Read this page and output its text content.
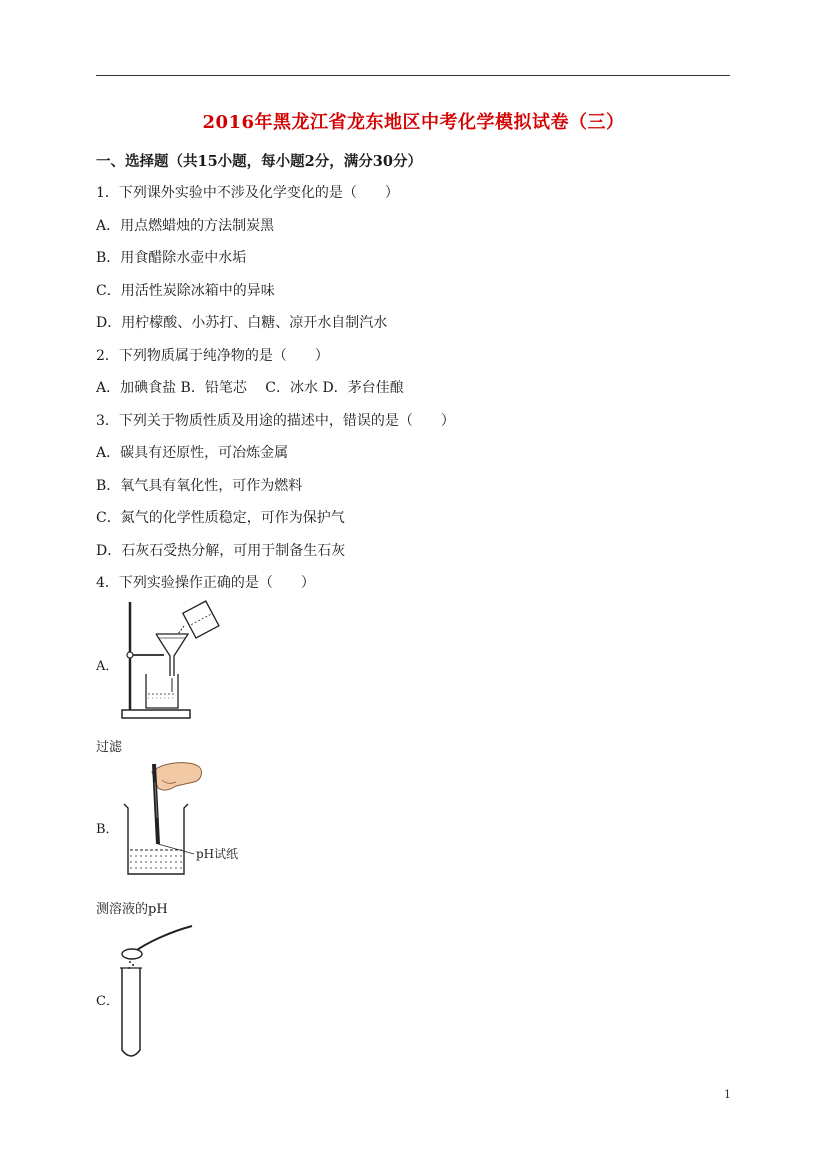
2016年黑龙江省龙东地区中考化学模拟试卷（三）
一、选择题（共15小题，每小题2分，满分30分）
1．下列课外实验中不涉及化学变化的是（　　）
A．用点燃蜡烛的方法制炭黑
B．用食醋除水壶中水垢
C．用活性炭除冰箱中的异味
D．用柠檬酸、小苏打、白糖、凉开水自制汽水
2．下列物质属于纯净物的是（　　）
A．加碘食盐 B．铅笔芯　 C．冰水 D．茅台佳酿
3．下列关于物质性质及用途的描述中，错误的是（　　）
A．碳具有还原性，可冶炼金属
B．氧气具有氧化性，可作为燃料
C．氮气的化学性质稳定，可作为保护气
D．石灰石受热分解，可用于制备生石灰
4．下列实验操作正确的是（　　）
A．
过滤
B．
pH试纸
测溶液的pH
C．
1
